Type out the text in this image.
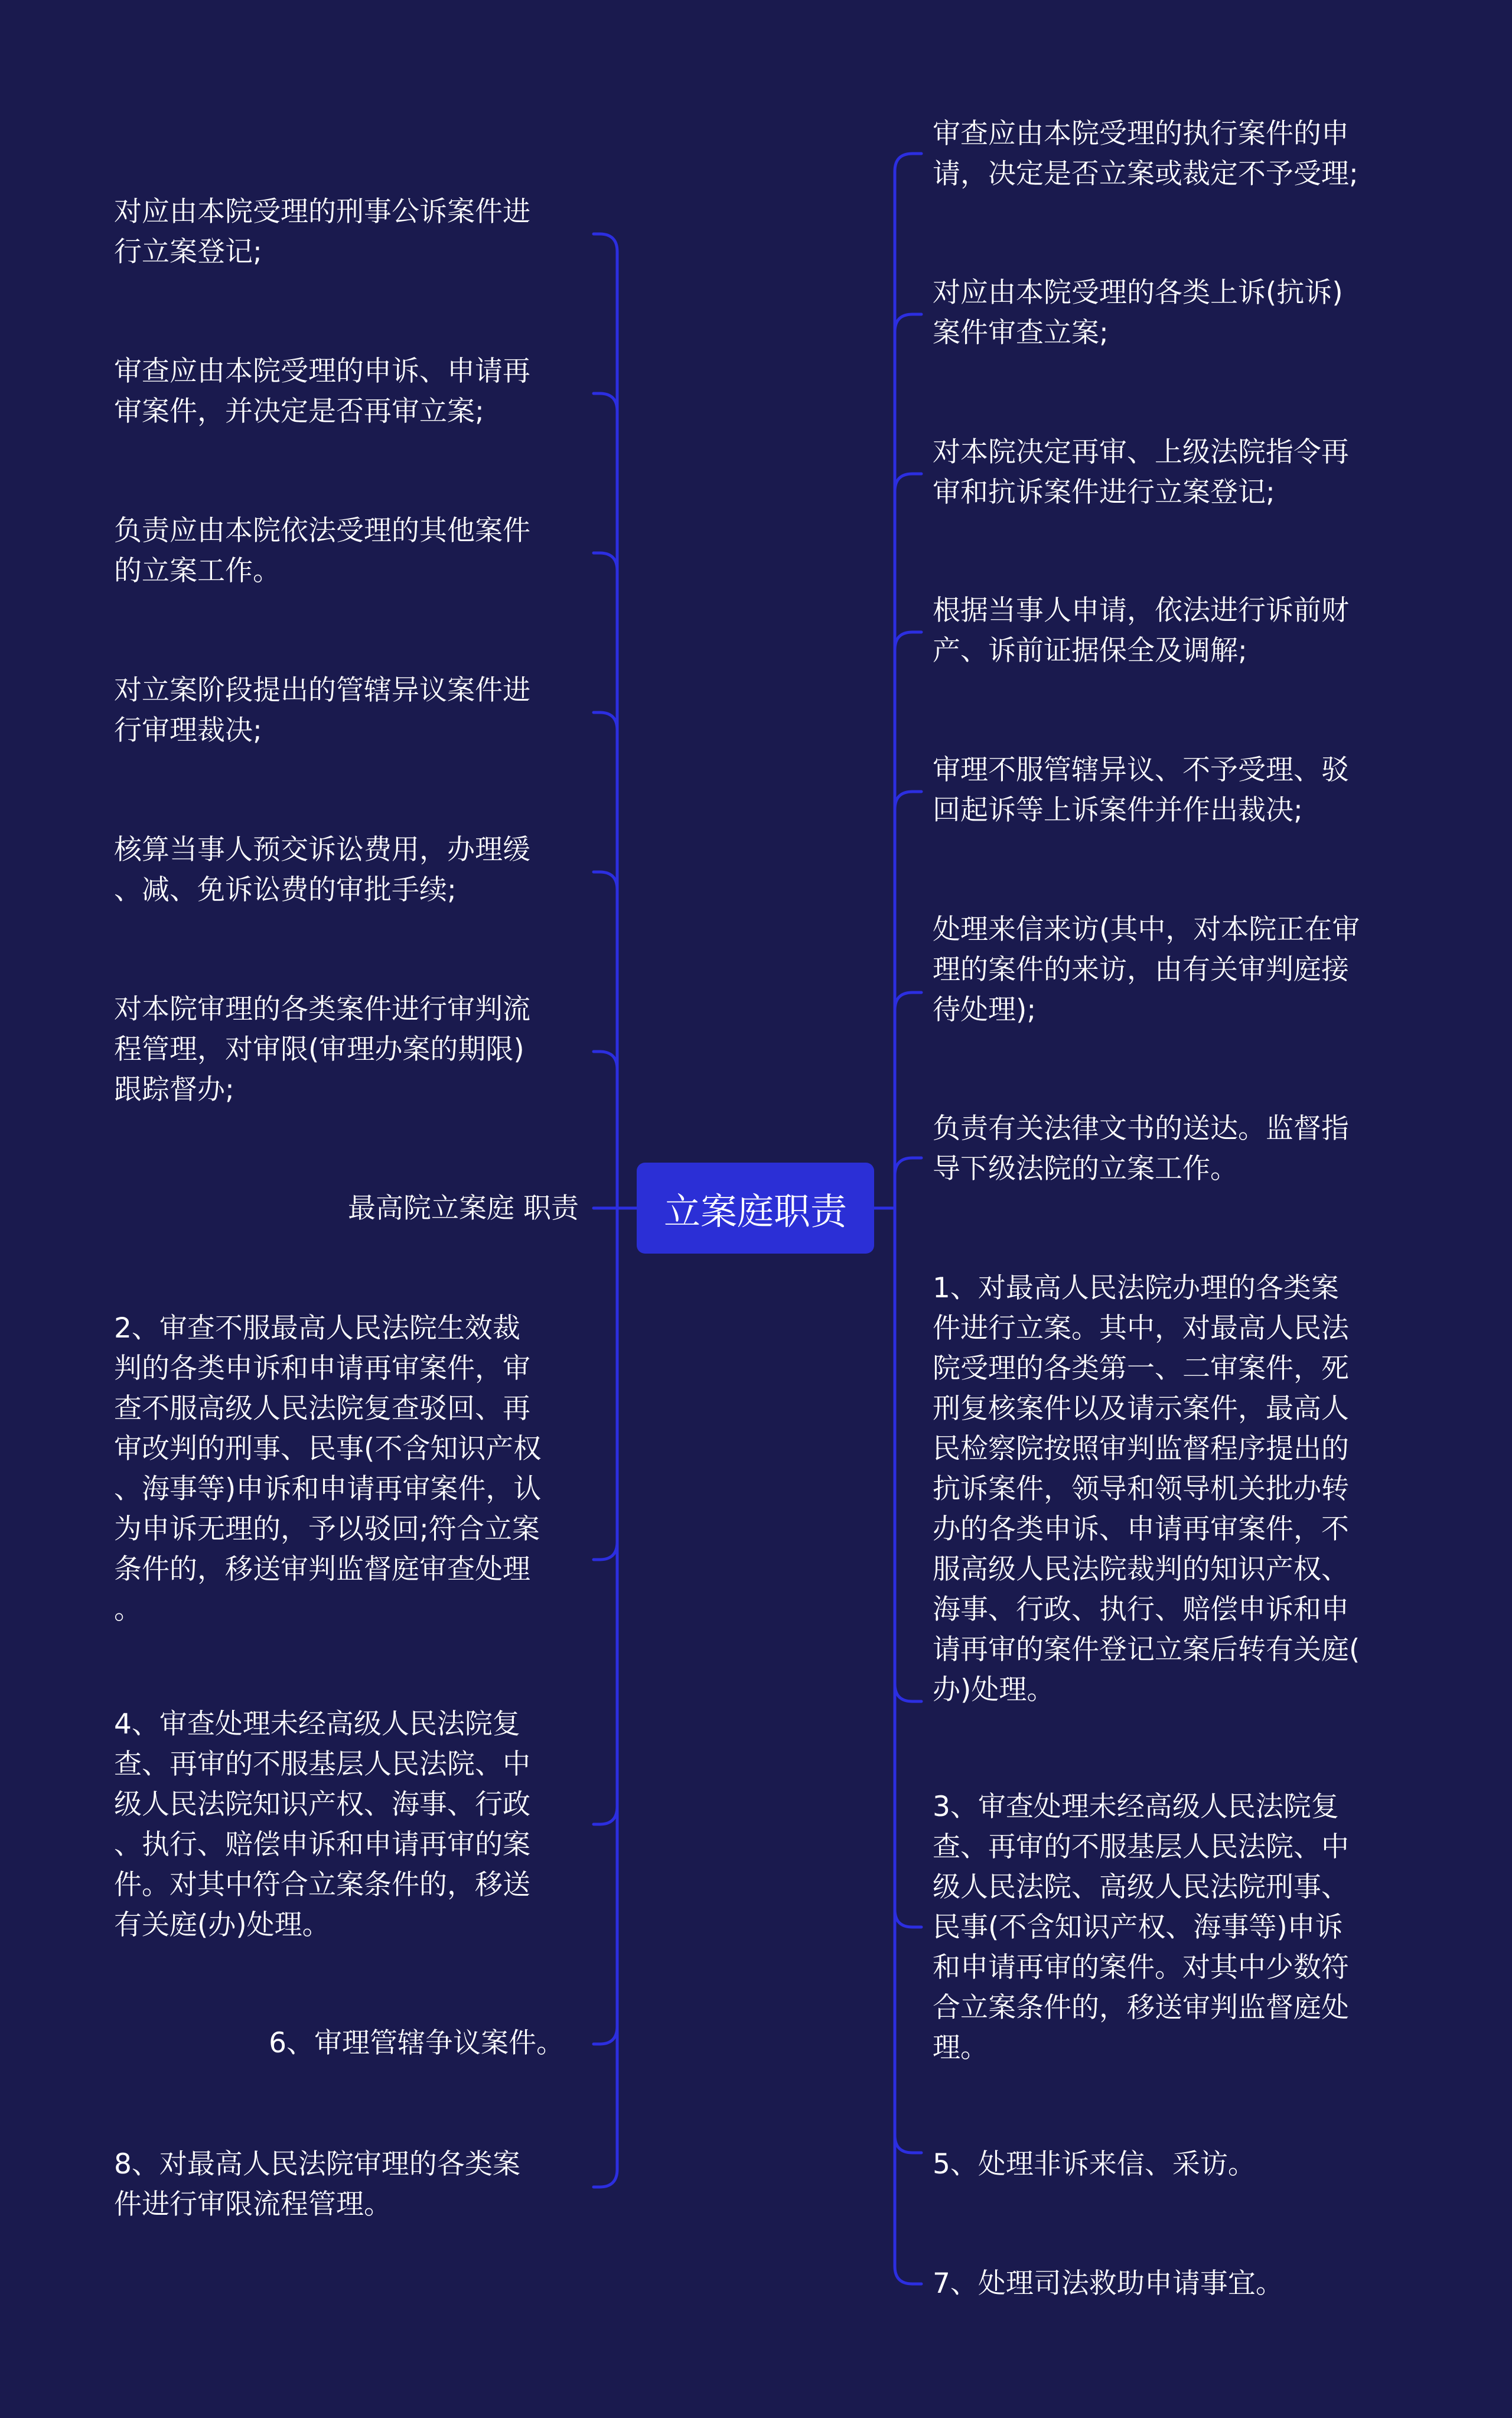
对应由本院受理的刑事公诉案件进
行立案登记;

审查应由本院受理的申诉、申请再
审案件，并决定是否再审立案;

负责应由本院依法受理的其他案件
的立案工作。

对立案阶段提出的管辖异议案件进
行审理裁决;

核算当事人预交诉讼费用，办理缓
、减、免诉讼费的审批手续;

对本院审理的各类案件进行审判流
程管理，对审限(审理办案的期限)
跟踪督办;

最高院立案庭 职责

2、审查不服最高人民法院生效裁
判的各类申诉和申请再审案件，审
查不服高级人民法院复查驳回、再
审改判的刑事、民事(不含知识产权
、海事等)申诉和申请再审案件，认
为申诉无理的，予以驳回;符合立案
条件的，移送审判监督庭审查处理
。

4、审查处理未经高级人民法院复
查、再审的不服基层人民法院、中
级人民法院知识产权、海事、行政
、执行、赔偿申诉和申请再审的案
件。对其中符合立案条件的，移送
有关庭(办)处理。

6、审理管辖争议案件。

8、对最高人民法院审理的各类案
件进行审限流程管理。

审查应由本院受理的执行案件的申
请，决定是否立案或裁定不予受理;

对应由本院受理的各类上诉(抗诉)
案件审查立案;

对本院决定再审、上级法院指令再
审和抗诉案件进行立案登记;

根据当事人申请，依法进行诉前财
产、诉前证据保全及调解;

审理不服管辖异议、不予受理、驳
回起诉等上诉案件并作出裁决;

处理来信来访(其中，对本院正在审
理的案件的来访，由有关审判庭接
待处理);

负责有关法律文书的送达。监督指
导下级法院的立案工作。

1、对最高人民法院办理的各类案
件进行立案。其中，对最高人民法
院受理的各类第一、二审案件，死
刑复核案件以及请示案件，最高人
民检察院按照审判监督程序提出的
抗诉案件，领导和领导机关批办转
办的各类申诉、申请再审案件，不
服高级人民法院裁判的知识产权、
海事、行政、执行、赔偿申诉和申
请再审的案件登记立案后转有关庭(
办)处理。

3、审查处理未经高级人民法院复
查、再审的不服基层人民法院、中
级人民法院、高级人民法院刑事、
民事(不含知识产权、海事等)申诉
和申请再审的案件。对其中少数符
合立案条件的，移送审判监督庭处
理。

5、处理非诉来信、采访。

7、处理司法救助申请事宜。

立案庭职责
